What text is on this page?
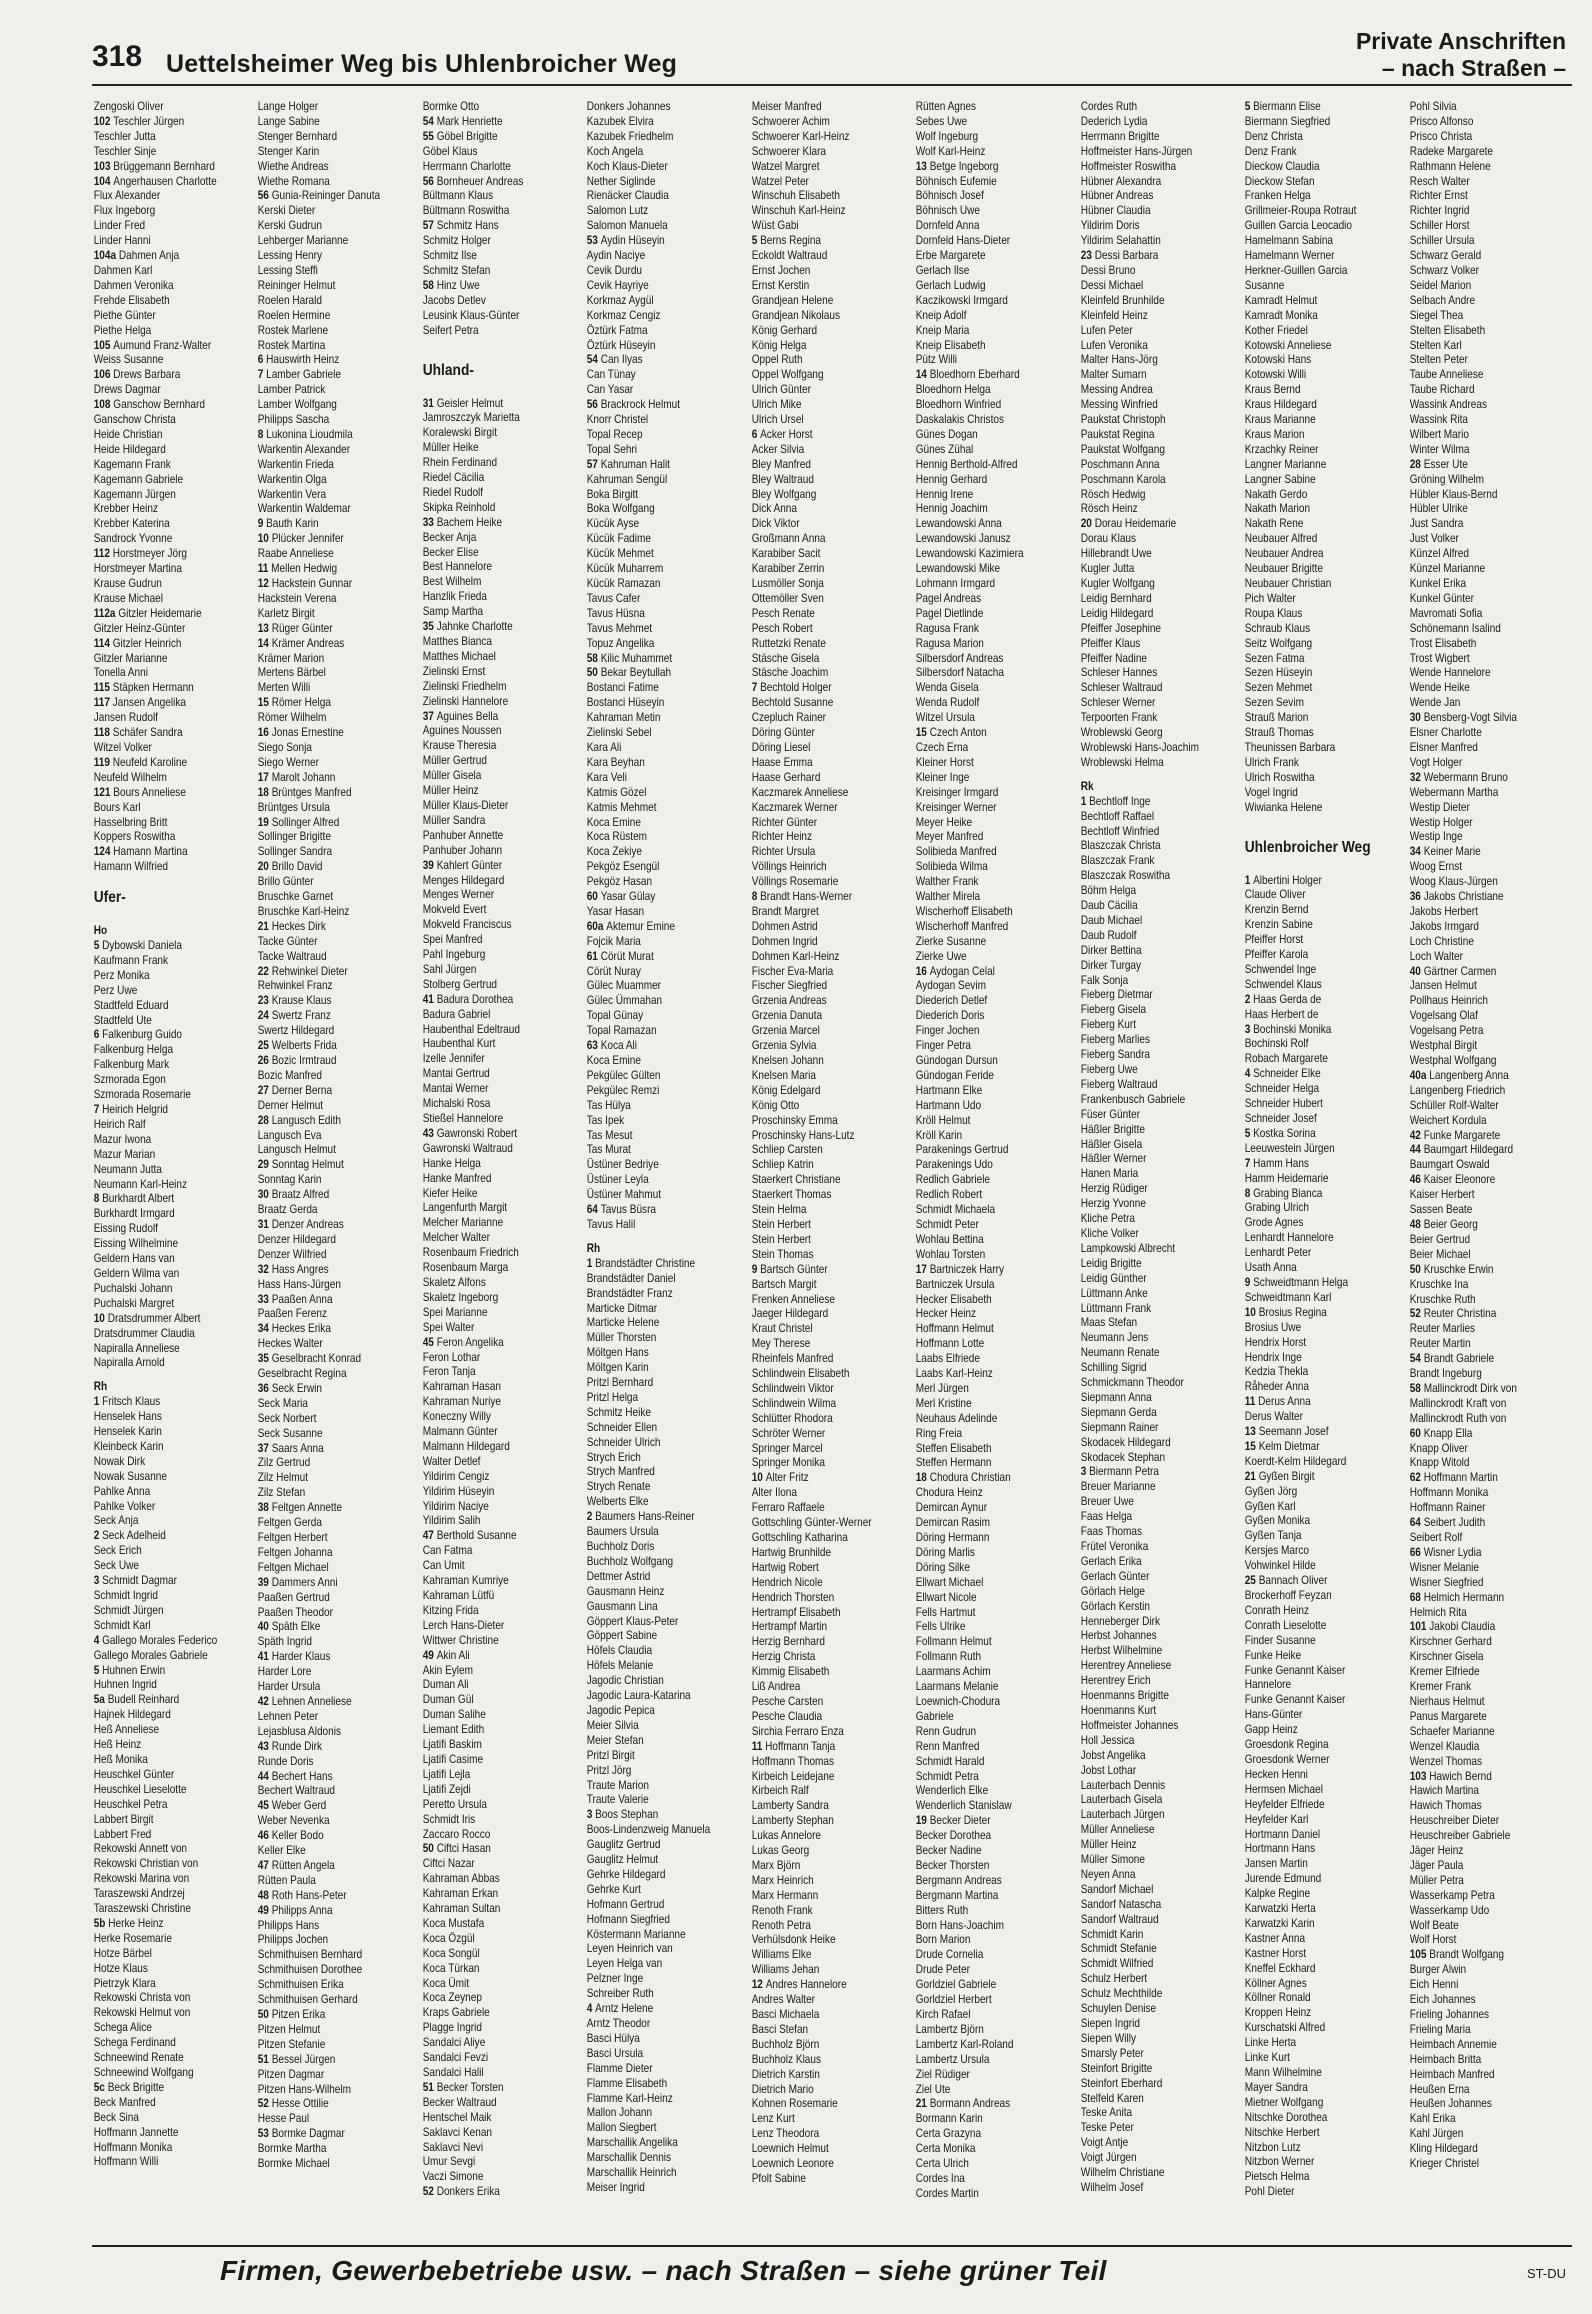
318 Uettelsheimer Weg bis Uhlenbroicher Weg
Private Anschriften
– nach Straßen –
Zengoski Oliver
102 Teschler Jürgen
Teschler Jutta
Teschler Sinje
103 Brüggemann Bernhard
104 Angerhausen Charlotte
Flux Alexander
Flux Ingeborg
Linder Fred
Linder Hanni
104a Dahmen Anja
Dahmen Karl
Dahmen Veronika
Frehde Elisabeth
Piethe Günter
Piethe Helga
105 Aumund Franz-Walter
Weiss Susanne
106 Drews Barbara
Drews Dagmar
108 Ganschow Bernhard
Ganschow Christa
Heide Christian
Heide Hildegard
Kagemann Frank
Kagemann Gabriele
Kagemann Jürgen
Krebber Heinz
Krebber Katerina
Sandrock Yvonne
112 Horstmeyer Jörg
Horstmeyer Martina
Krause Gudrun
Krause Michael
112a Gitzler Heidemarie
Gitzler Heinz-Günter
114 Gitzler Heinrich
Gitzler Marianne
Tonella Anni
115 Stäpken Hermann
117 Jansen Angelika
Jansen Rudolf
118 Schäfer Sandra
Witzel Volker
119 Neufeld Karoline
Neufeld Wilhelm
121 Bours Anneliese
Bours Karl
Hasselbring Britt
Koppers Roswitha
124 Hamann Martina
Hamann Wilfried
Ufer-
Ho
5 Dybowski Daniela
Kaufmann Frank
Perz Monika
Perz Uwe
Stadtfeld Eduard
Stadtfeld Ute
6 Falkenburg Guido
Falkenburg Helga
Falkenburg Mark
Szmorada Egon
Szmorada Rosemarie
7 Heirich Helgrid
Heirich Ralf
Mazur Iwona
Mazur Marian
Neumann Jutta
Neumann Karl-Heinz
8 Burkhardt Albert
Burkhardt Irmgard
Eissing Rudolf
Eissing Wilhelmine
Geldern Hans van
Geldern Wilma van
Puchalski Johann
Puchalski Margret
10 Dratsdrummer Albert
Dratsdrummer Claudia
Napiralla Anneliese
Napiralla Arnold
Rh
1 Fritsch Klaus
Henselek Hans
Henselek Karin
Kleinbeck Karin
Nowak Dirk
Nowak Susanne
Pahlke Anna
Pahlke Volker
Seck Anja
2 Seck Adelheid
Seck Erich
Seck Uwe
3 Schmidt Dagmar
Schmidt Ingrid
Schmidt Jürgen
Schmidt Karl
4 Gallego Morales Federico
Gallego Morales Gabriele
5 Huhnen Erwin
Huhnen Ingrid
5a Budell Reinhard
Hajnek Hildegard
Heß Anneliese
Heß Heinz
Heß Monika
Heuschkel Günter
Heuschkel Lieselotte
Heuschkel Petra
Labbert Birgit
Labbert Fred
Rekowski Annett von
Rekowski Christian von
Rekowski Marina von
Taraszewski Andrzej
Taraszewski Christine
5b Herke Heinz
Herke Rosemarie
Hotze Bärbel
Hotze Klaus
Pietrzyk Klara
Rekowski Christa von
Rekowski Helmut von
Schega Alice
Schega Ferdinand
Schneewind Renate
Schneewind Wolfgang
5c Beck Brigitte
Beck Manfred
Beck Sina
Hoffmann Jannette
Hoffmann Monika
Hoffmann Willi
Lange Holger
Lange Sabine
Stenger Bernhard
Stenger Karin
Wiethe Andreas
Wiethe Romana
56 Gunia-Reininger Danuta
Kerski Dieter
Kerski Gudrun
Lehberger Marianne
Lessing Henry
Lessing Steffi
Reininger Helmut
Roelen Harald
Roelen Hermine
Rostek Marlene
Rostek Martina
6 Hauswirth Heinz
7 Lamber Gabriele
Lamber Patrick
Lamber Wolfgang
Philipps Sascha
8 Lukonina Lioudmila
Warkentin Alexander
Warkentin Frieda
Warkentin Olga
Warkentin Vera
Warkentin Waldemar
9 Bauth Karin
10 Plücker Jennifer
Raabe Anneliese
11 Mellen Hedwig
12 Hackstein Gunnar
Hackstein Verena
Karletz Birgit
13 Rüger Günter
14 Krämer Andreas
Krämer Marion
Mertens Bärbel
Merten Willi
15 Römer Helga
Römer Wilhelm
16 Jonas Ernestine
Siego Sonja
Siego Werner
17 Marolt Johann
18 Brüntges Manfred
Brüntges Ursula
19 Sollinger Alfred
Sollinger Brigitte
Sollinger Sandra
20 Brillo David
Brillo Günter
Bruschke Garnet
Bruschke Karl-Heinz
21 Heckes Dirk
Tacke Günter
Tacke Waltraud
22 Rehwinkel Dieter
Rehwinkel Franz
23 Krause Klaus
24 Swertz Franz
Swertz Hildegard
25 Welberts Frida
26 Bozic Irmtraud
Bozic Manfred
27 Derner Berna
Derner Helmut
28 Langusch Edith
Langusch Eva
Langusch Helmut
29 Sonntag Helmut
Sonntag Karin
30 Braatz Alfred
Braatz Gerda
31 Denzer Andreas
Denzer Hildegard
Denzer Wilfried
32 Hass Angres
Hass Hans-Jürgen
33 Paaßen Anna
Paaßen Ferenz
34 Heckes Erika
Heckes Walter
35 Geselbracht Konrad
Geselbracht Regina
36 Seck Erwin
Seck Maria
Seck Norbert
Seck Susanne
37 Saars Anna
Zilz Gertrud
Zilz Helmut
Zilz Stefan
38 Feltgen Annette
Feltgen Gerda
Feltgen Herbert
Feltgen Johanna
Feltgen Michael
39 Dammers Anni
Paaßen Gertrud
Paaßen Theodor
40 Späth Elke
Späth Ingrid
41 Harder Klaus
Harder Lore
Harder Ursula
42 Lehnen Anneliese
Lehnen Peter
Lejasblusa Aldonis
43 Runde Dirk
Runde Doris
44 Bechert Hans
Bechert Waltraud
45 Weber Gerd
Weber Nevenka
46 Keller Bodo
Keller Elke
47 Rütten Angela
Rütten Paula
48 Roth Hans-Peter
49 Philipps Anna
Philipps Hans
Philipps Jochen
Schmithuisen Bernhard
Schmithuisen Dorothee
Schmithuisen Erika
Schmithuisen Gerhard
50 Pitzen Erika
Pitzen Helmut
Pitzen Stefanie
51 Bessel Jürgen
Pitzen Dagmar
Pitzen Hans-Wilhelm
52 Hesse Ottilie
Hesse Paul
53 Bormke Dagmar
Bormke Martha
Bormke Michael
Bormke Otto
54 Mark Henriette
55 Göbel Brigitte
Göbel Klaus
Herrmann Charlotte
56 Bornheuer Andreas
Bültmann Klaus
Bültmann Roswitha
57 Schmitz Hans
Schmitz Holger
Schmitz Ilse
Schmitz Stefan
58 Hinz Uwe
Jacobs Detlev
Leusink Klaus-Günter
Seifert Petra
Uhland-
31 Geisler Helmut
Jamroszczyk Marietta
Koralewski Birgit
Müller Heike
Rhein Ferdinand
Riedel Cäcilia
Riedel Rudolf
Skipka Reinhold
33 Bachem Heike
Becker Anja
Becker Elise
Best Hannelore
Best Wilhelm
Hanzlik Frieda
Samp Martha
35 Jahnke Charlotte
Matthes Bianca
Matthes Michael
Zielinski Ernst
Zielinski Friedhelm
Zielinski Hannelore
37 Aguines Bella
Aguines Noussen
Krause Theresia
Müller Gertrud
Müller Gisela
Müller Heinz
Müller Klaus-Dieter
Müller Sandra
Panhuber Annette
Panhuber Johann
39 Kahlert Günter
Menges Hildegard
Menges Werner
Mokveld Evert
Mokveld Franciscus
Spei Manfred
Pahl Ingeburg
Sahl Jürgen
Stolberg Gertrud
41 Badura Dorothea
Badura Gabriel
Haubenthal Edeltraud
Haubenthal Kurt
Izelle Jennifer
Mantai Gertrud
Mantai Werner
Michalski Rosa
Stießel Hannelore
43 Gawronski Robert
Gawronski Waltraud
Hanke Helga
Hanke Manfred
Kiefer Heike
Langenfurth Margit
Melcher Marianne
Melcher Walter
Rosenbaum Friedrich
Rosenbaum Marga
Skaletz Alfons
Skaletz Ingeborg
Spei Marianne
Spei Walter
45 Feron Angelika
Feron Lothar
Feron Tanja
Kahraman Hasan
Kahraman Nuriye
Koneczny Willy
Malmann Günter
Malmann Hildegard
Walter Detlef
Yildirim Cengiz
Yildirim Hüseyin
Yildirim Naciye
Yildirim Salih
47 Berthold Susanne
Can Fatma
Can Umit
Kahraman Kumriye
Kahraman Lütfü
Kitzing Frida
Lerch Hans-Dieter
Wittwer Christine
49 Akin Ali
Akin Eylem
Duman Ali
Duman Gül
Duman Salihe
Liemant Edith
Ljatifi Baskim
Ljatifi Casime
Ljatifi Lejla
Ljatifi Zejdi
Peretto Ursula
Schmidt Iris
Zaccaro Rocco
50 Ciftci Hasan
Ciftci Nazar
Kahraman Abbas
Kahraman Erkan
Kahraman Sultan
Koca Mustafa
Koca Özgül
Koca Songül
Koca Türkan
Koca Ümit
Koca Zeynep
Kraps Gabriele
Plagge Ingrid
Sandalci Aliye
Sandalci Fevzi
Sandalci Halil
51 Becker Torsten
Becker Waltraud
Hentschel Maik
Saklavci Kenan
Saklavci Nevi
Umur Sevgi
Vaczi Simone
52 Donkers Erika
Donkers Johannes
Kazubek Elvira
Kazubek Friedhelm
Koch Angela
Koch Klaus-Dieter
Nether Siglinde
Rienäcker Claudia
Salomon Lutz
Salomon Manuela
53 Aydin Hüseyin
Aydin Naciye
Cevik Durdu
Cevik Hayriye
Korkmaz Aygül
Korkmaz Cengiz
Öztürk Fatma
Öztürk Hüseyin
54 Can Ilyas
Can Tünay
Can Yasar
56 Brackrock Helmut
Knorr Christel
Topal Recep
Topal Sehri
57 Kahruman Halit
Kahruman Sengül
Boka Birgitt
Boka Wolfgang
Kücük Ayse
Kücük Fadime
Kücük Mehmet
Kücük Muharrem
Kücük Ramazan
Tavus Cafer
Tavus Hüsna
Tavus Mehmet
Topuz Angelika
58 Kilic Muhammet
50 Bekar Beytullah
Bostanci Fatime
Bostanci Hüseyin
Kahraman Metin
Zielinski Sebel
Kara Ali
Kara Beyhan
Kara Veli
Katmis Gözel
Katmis Mehmet
Koca Emine
Koca Rüstem
Koca Zekiye
Pekgöz Esengül
Pekgöz Hasan
60 Yasar Gülay
Yasar Hasan
60a Aktemur Emine
Fojcik Maria
61 Cörüt Murat
Cörüt Nuray
Gülec Muammer
Gülec Ümmahan
Topal Günay
Topal Ramazan
63 Koca Ali
Koca Emine
Pekgülec Gülten
Pekgülec Remzi
Tas Hülya
Tas Ipek
Tas Mesut
Tas Murat
Üstüner Bedriye
Üstüner Leyla
Üstüner Mahmut
64 Tavus Büsra
Tavus Halil
Rh
1 Brandstädter Christine
Brandstädter Daniel
Brandstädter Franz
Marticke Ditmar
Marticke Helene
Müller Thorsten
Möltgen Hans
Möltgen Karin
Pritzl Bernhard
Pritzl Helga
Schmitz Heike
Schneider Ellen
Schneider Ulrich
Strych Erich
Strych Manfred
Strych Renate
Welberts Elke
2 Baumers Hans-Reiner
Baumers Ursula
Buchholz Doris
Buchholz Wolfgang
Dettmer Astrid
Gausmann Heinz
Gausmann Lina
Göppert Klaus-Peter
Göppert Sabine
Höfels Claudia
Höfels Melanie
Jagodic Christian
Jagodic Laura-Katarina
Jagodic Pepica
Meier Silvia
Meier Stefan
Pritzl Birgit
Pritzl Jörg
Traute Marion
Traute Valerie
3 Boos Stephan
Boos-Lindenzweig Manuela
Gauglitz Gertrud
Gauglitz Helmut
Gehrke Hildegard
Gehrke Kurt
Hofmann Gertrud
Hofmann Siegfried
Köstermann Marianne
Leyen Heinrich van
Leyen Helga van
Pelzner Inge
Schreiber Ruth
4 Arntz Helene
Arntz Theodor
Basci Hülya
Basci Ursula
Flamme Dieter
Flamme Elisabeth
Flamme Karl-Heinz
Mallon Johann
Mallon Siegbert
Marschallik Angelika
Marschallik Dennis
Marschallik Heinrich
Meiser Ingrid
Meiser Manfred
Schwoerer Achim
Schwoerer Karl-Heinz
Schwoerer Klara
Watzel Margret
Watzel Peter
Winschuh Elisabeth
Winschuh Karl-Heinz
Wüst Gabi
5 Berns Regina
Eckoldt Waltraud
Ernst Jochen
Ernst Kerstin
Grandjean Helene
Grandjean Nikolaus
König Gerhard
König Helga
Oppel Ruth
Oppel Wolfgang
Ulrich Günter
Ulrich Mike
Ulrich Ursel
6 Acker Horst
Acker Silvia
Bley Manfred
Bley Waltraud
Bley Wolfgang
Dick Anna
Dick Viktor
Großmann Anna
Karabiber Sacit
Karabiber Zerrin
Lusmöller Sonja
Ottemöller Sven
Pesch Renate
Pesch Robert
Ruttetzki Renate
Stäsche Gisela
Stäsche Joachim
7 Bechtold Holger
Bechtold Susanne
Czepluch Rainer
Döring Günter
Döring Liesel
Haase Emma
Haase Gerhard
Kaczmarek Anneliese
Kaczmarek Werner
Richter Günter
Richter Heinz
Richter Ursula
Völlings Heinrich
Völlings Rosemarie
8 Brandt Hans-Werner
Brandt Margret
Dohmen Astrid
Dohmen Ingrid
Dohmen Karl-Heinz
Fischer Eva-Maria
Fischer Siegfried
Grzenia Andreas
Grzenia Danuta
Grzenia Marcel
Grzenia Sylvia
Knelsen Johann
Knelsen Maria
König Edelgard
König Otto
Proschinsky Emma
Proschinsky Hans-Lutz
Schliep Carsten
Schliep Katrin
Staerkert Christiane
Staerkert Thomas
Stein Helma
Stein Herbert
Stein Herbert
Stein Thomas
9 Bartsch Günter
Bartsch Margit
Frenken Anneliese
Jaeger Hildegard
Kraut Christel
Mey Therese
Rheinfels Manfred
Schlindwein Elisabeth
Schlindwein Viktor
Schlindwein Wilma
Schlütter Rhodora
Schröter Werner
Springer Marcel
Springer Monika
10 Alter Fritz
Alter Ilona
Ferraro Raffaele
Gottschling Günter-Werner
Gottschling Katharina
Hartwig Brunhilde
Hartwig Robert
Hendrich Nicole
Hendrich Thorsten
Hertrampf Elisabeth
Hertrampf Martin
Herzig Bernhard
Herzig Christa
Kimmig Elisabeth
Liß Andrea
Pesche Carsten
Pesche Claudia
Sirchia Ferraro Enza
11 Hoffmann Tanja
Hoffmann Thomas
Kirbeich Leidejane
Kirbeich Ralf
Lamberty Sandra
Lamberty Stephan
Lukas Annelore
Lukas Georg
Marx Björn
Marx Heinrich
Marx Hermann
Renoth Frank
Renoth Petra
Verhülsdonk Heike
Williams Elke
Williams Jehan
12 Andres Hannelore
Andres Walter
Basci Michaela
Basci Stefan
Buchholz Björn
Buchholz Klaus
Dietrich Karstin
Dietrich Mario
Kohnen Rosemarie
Lenz Kurt
Lenz Theodora
Loewnich Helmut
Loewnich Leonore
Pfolt Sabine
Rütten Agnes
Sebes Uwe
Wolf Ingeburg
Wolf Karl-Heinz
13 Betge Ingeborg
Böhnisch Eufemie
Böhnisch Josef
Böhnisch Uwe
Dornfeld Anna
Dornfeld Hans-Dieter
Erbe Margarete
Gerlach Ilse
Gerlach Ludwig
Kaczikowski Irmgard
Kneip Adolf
Kneip Maria
Kneip Elisabeth
Pütz Willi
14 Bloedhorn Eberhard
Bloedhorn Helga
Bloedhorn Winfried
Daskalakis Christos
Günes Dogan
Günes Zühal
Hennig Berthold-Alfred
Hennig Gerhard
Hennig Irene
Hennig Joachim
Lewandowski Anna
Lewandowski Janusz
Lewandowski Kazimiera
Lewandowski Mike
Lohmann Irmgard
Pagel Andreas
Pagel Dietlinde
Ragusa Frank
Ragusa Marion
Silbersdorf Andreas
Silbersdorf Natacha
Wenda Gisela
Wenda Rudolf
Witzel Ursula
15 Czech Anton
Czech Erna
Kleiner Horst
Kleiner Inge
Kreisinger Irmgard
Kreisinger Werner
Meyer Heike
Meyer Manfred
Solibieda Manfred
Solibieda Wilma
Walther Frank
Walther Mirela
Wischerhoff Elisabeth
Wischerhoff Manfred
Zierke Susanne
Zierke Uwe
16 Aydogan Celal
Aydogan Sevim
Diederich Detlef
Diederich Doris
Finger Jochen
Finger Petra
Gündogan Dursun
Gündogan Feride
Hartmann Elke
Hartmann Udo
Kröll Helmut
Kröll Karin
Parakenings Gertrud
Parakenings Udo
Redlich Gabriele
Redlich Robert
Schmidt Michaela
Schmidt Peter
Wohlau Bettina
Wohlau Torsten
17 Bartniczek Harry
Bartniczek Ursula
Hecker Elisabeth
Hecker Heinz
Hoffmann Helmut
Hoffmann Lotte
Laabs Elfriede
Laabs Karl-Heinz
Merl Jürgen
Merl Kristine
Neuhaus Adelinde
Ring Freia
Steffen Elisabeth
Steffen Hermann
18 Chodura Christian
Chodura Heinz
Demircan Aynur
Demircan Rasim
Döring Hermann
Döring Marlis
Döring Silke
Ellwart Michael
Ellwart Nicole
Fells Hartmut
Fells Ulrike
Follmann Helmut
Follmann Ruth
Laarmans Achim
Laarmans Melanie
Loewnich-Chodura
Gabriele
Renn Gudrun
Renn Manfred
Schmidt Harald
Schmidt Petra
Wenderlich Elke
Wenderlich Stanislaw
19 Becker Dieter
Becker Dorothea
Becker Nadine
Becker Thorsten
Bergmann Andreas
Bergmann Martina
Bitters Ruth
Born Hans-Joachim
Born Marion
Drude Cornelia
Drude Peter
Gorldziel Gabriele
Gorldziel Herbert
Kirch Rafael
Lambertz Björn
Lambertz Karl-Roland
Lambertz Ursula
Ziel Rüdiger
Ziel Ute
21 Bormann Andreas
Bormann Karin
Certa Grazyna
Certa Monika
Certa Ulrich
Cordes Ina
Cordes Martin
Cordes Ruth
Dederich Lydia
Herrmann Brigitte
Hoffmeister Hans-Jürgen
Hoffmeister Roswitha
Hübner Alexandra
Hübner Andreas
Hübner Claudia
Yildirim Doris
Yildirim Selahattin
23 Dessi Barbara
Dessi Bruno
Dessi Michael
Kleinfeld Brunhilde
Kleinfeld Heinz
Lufen Peter
Lufen Veronika
Malter Hans-Jörg
Malter Sumarn
Messing Andrea
Messing Winfried
Paukstat Christoph
Paukstat Regina
Paukstat Wolfgang
Poschmann Anna
Poschmann Karola
Rösch Hedwig
Rösch Heinz
20 Dorau Heidemarie
Dorau Klaus
Hillebrandt Uwe
Kugler Jutta
Kugler Wolfgang
Leidig Bernhard
Leidig Hildegard
Pfeiffer Josephine
Pfeiffer Klaus
Pfeiffer Nadine
Schleser Hannes
Schleser Waltraud
Schleser Werner
Terpoorten Frank
Wroblewski Georg
Wroblewski Hans-Joachim
Wroblewski Helma
Rk
1 Bechtloff Inge
Bechtloff Raffael
Bechtloff Winfried
Blaszczak Christa
Blaszczak Frank
Blaszczak Roswitha
Böhm Helga
Daub Cäcilia
Daub Michael
Daub Rudolf
Dirker Bettina
Dirker Turgay
Falk Sonja
Fieberg Dietmar
Fieberg Gisela
Fieberg Kurt
Fieberg Marlies
Fieberg Sandra
Fieberg Uwe
Fieberg Waltraud
Frankenbusch Gabriele
Füser Günter
Häßler Brigitte
Häßler Gisela
Häßler Werner
Hanen Maria
Herzig Rüdiger
Herzig Yvonne
Kliche Petra
Kliche Volker
Lampkowski Albrecht
Leidig Brigitte
Leidig Günther
Lüttmann Anke
Lüttmann Frank
Maas Stefan
Neumann Jens
Neumann Renate
Schilling Sigrid
Schmickmann Theodor
Siepmann Anna
Siepmann Gerda
Siepmann Rainer
Skodacek Hildegard
Skodacek Stephan
3 Biermann Petra
Breuer Marianne
Breuer Uwe
Faas Helga
Faas Thomas
Frütel Veronika
Gerlach Erika
Gerlach Günter
Görlach Helge
Görlach Kerstin
Henneberger Dirk
Herbst Johannes
Herbst Wilhelmine
Herentrey Anneliese
Herentrey Erich
Hoenmanns Brigitte
Hoenmanns Kurt
Hoffmeister Johannes
Holl Jessica
Jobst Angelika
Jobst Lothar
Lauterbach Dennis
Lauterbach Gisela
Lauterbach Jürgen
Müller Anneliese
Müller Heinz
Müller Simone
Neyen Anna
Sandorf Michael
Sandorf Natascha
Sandorf Waltraud
Schmidt Karin
Schmidt Stefanie
Schmidt Wilfried
Schulz Herbert
Schulz Mechthilde
Schuylen Denise
Siepen Ingrid
Siepen Willy
Smarsly Peter
Steinfort Brigitte
Steinfort Eberhard
Stelfeld Karen
Teske Anita
Teske Peter
Voigt Antje
Voigt Jürgen
Wilhelm Christiane
Wilhelm Josef
5 Biermann Elise
Biermann Siegfried
Denz Christa
Denz Frank
Dieckow Claudia
Dieckow Stefan
Franken Helga
Grillmeier-Roupa Rotraut
Guillen Garcia Leocadio
Hamelmann Sabina
Hamelmann Werner
Herkner-Guillen Garcia
Susanne
Kamradt Helmut
Kamradt Monika
Kother Friedel
Kotowski Anneliese
Kotowski Hans
Kotowski Willi
Kraus Bernd
Kraus Hildegard
Kraus Marianne
Kraus Marion
Krzachky Reiner
Langner Marianne
Langner Sabine
Nakath Gerdo
Nakath Marion
Nakath Rene
Neubauer Alfred
Neubauer Andrea
Neubauer Brigitte
Neubauer Christian
Pich Walter
Roupa Klaus
Schraub Klaus
Seitz Wolfgang
Sezen Fatma
Sezen Hüseyin
Sezen Mehmet
Sezen Sevim
Strauß Marion
Strauß Thomas
Theunissen Barbara
Ulrich Frank
Ulrich Roswitha
Vogel Ingrid
Wiwianka Helene
Uhlenbroicher Weg
1 Albertini Holger
Claude Oliver
Krenzin Bernd
Krenzin Sabine
Pfeiffer Horst
Pfeiffer Karola
Schwendel Inge
Schwendel Klaus
2 Haas Gerda de
Haas Herbert de
3 Bochinski Monika
Bochinski Rolf
Robach Margarete
4 Schneider Elke
Schneider Helga
Schneider Hubert
Schneider Josef
5 Kostka Sorina
Leeuwestein Jürgen
7 Hamm Hans
Hamm Heidemarie
8 Grabing Bianca
Grabing Ulrich
Grode Agnes
Lenhardt Hannelore
Lenhardt Peter
Usath Anna
9 Schweidtmann Helga
Schweidtmann Karl
10 Brosius Regina
Brosius Uwe
Hendrix Horst
Hendrix Inge
Kedzia Thekla
Råheder Anna
11 Derus Anna
Derus Walter
13 Seemann Josef
15 Kelm Dietmar
Koerdt-Kelm Hildegard
21 Gyßen Birgit
Gyßen Jörg
Gyßen Karl
Gyßen Monika
Gyßen Tanja
Kersjes Marco
Vohwinkel Hilde
25 Bannach Oliver
Brockerhoff Feyzan
Conrath Heinz
Conrath Lieselotte
Finder Susanne
Funke Heike
Funke Genannt Kaiser
Hannelore
Funke Genannt Kaiser
Hans-Günter
Gapp Heinz
Groesdonk Regina
Groesdonk Werner
Hecken Henni
Hermsen Michael
Heyfelder Elfriede
Heyfelder Karl
Hortmann Daniel
Hortmann Hans
Jansen Martin
Jurende Edmund
Kalpke Regine
Karwatzki Herta
Karwatzki Karin
Kastner Anna
Kastner Horst
Kneffel Eckhard
Köllner Agnes
Köllner Ronald
Kroppen Heinz
Kurschatski Alfred
Linke Herta
Linke Kurt
Mann Wilhelmine
Mayer Sandra
Mietner Wolfgang
Nitschke Dorothea
Nitschke Herbert
Nitzbon Lutz
Nitzbon Werner
Pietsch Helma
Pohl Dieter
Pohl Silvia
Prisco Alfonso
Prisco Christa
Radeke Margarete
Rathmann Helene
Resch Walter
Richter Ernst
Richter Ingrid
Schiller Horst
Schiller Ursula
Schwarz Gerald
Schwarz Volker
Seidel Marion
Selbach Andre
Siegel Thea
Stelten Elisabeth
Stelten Karl
Stelten Peter
Taube Anneliese
Taube Richard
Wassink Andreas
Wassink Rita
Wilbert Mario
Winter Wilma
28 Esser Ute
Gröning Wilhelm
Hübler Klaus-Bernd
Hübler Ulrike
Just Sandra
Just Volker
Künzel Alfred
Künzel Marianne
Kunkel Erika
Kunkel Günter
Mavromati Sofia
Schönemann Isalind
Trost Elisabeth
Trost Wigbert
Wende Hannelore
Wende Heike
Wende Jan
30 Bensberg-Vogt Silvia
Elsner Charlotte
Elsner Manfred
Vogt Holger
32 Webermann Bruno
Webermann Martha
Westip Dieter
Westip Holger
Westip Inge
34 Keiner Marie
Woog Ernst
Woog Klaus-Jürgen
36 Jakobs Christiane
Jakobs Herbert
Jakobs Irmgard
Loch Christine
Loch Walter
40 Gärtner Carmen
Jansen Helmut
Pollhaus Heinrich
Vogelsang Olaf
Vogelsang Petra
Westphal Birgit
Westphal Wolfgang
40a Langenberg Anna
Langenberg Friedrich
Schüller Rolf-Walter
Weichert Kordula
42 Funke Margarete
44 Baumgart Hildegard
Baumgart Oswald
46 Kaiser Eleonore
Kaiser Herbert
Sassen Beate
48 Beier Georg
Beier Gertrud
Beier Michael
50 Kruschke Erwin
Kruschke Ina
Kruschke Ruth
52 Reuter Christina
Reuter Marlies
Reuter Martin
54 Brandt Gabriele
Brandt Ingeburg
58 Mallinckrodt Dirk von
Mallinckrodt Kraft von
Mallinckrodt Ruth von
60 Knapp Ella
Knapp Oliver
Knapp Witold
62 Hoffmann Martin
Hoffmann Monika
Hoffmann Rainer
64 Seibert Judith
Seibert Rolf
66 Wisner Lydia
Wisner Melanie
Wisner Siegfried
68 Helmich Hermann
Helmich Rita
101 Jakobi Claudia
Kirschner Gerhard
Kirschner Gisela
Kremer Elfriede
Kremer Frank
Nierhaus Helmut
Panus Margarete
Schaefer Marianne
Wenzel Klaudia
Wenzel Thomas
103 Hawich Bernd
Hawich Martina
Hawich Thomas
Heuschreiber Dieter
Heuschreiber Gabriele
Jäger Heinz
Jäger Paula
Müller Petra
Wasserkamp Petra
Wasserkamp Udo
Wolf Beate
Wolf Horst
105 Brandt Wolfgang
Burger Alwin
Eich Henni
Eich Johannes
Frieling Johannes
Frieling Maria
Heimbach Annemie
Heimbach Britta
Heimbach Manfred
Heußen Erna
Heußen Johannes
Kahl Erika
Kahl Jürgen
Kling Hildegard
Krieger Christel
Firmen, Gewerbebetriebe usw. – nach Straßen – siehe grüner Teil	ST-DU
